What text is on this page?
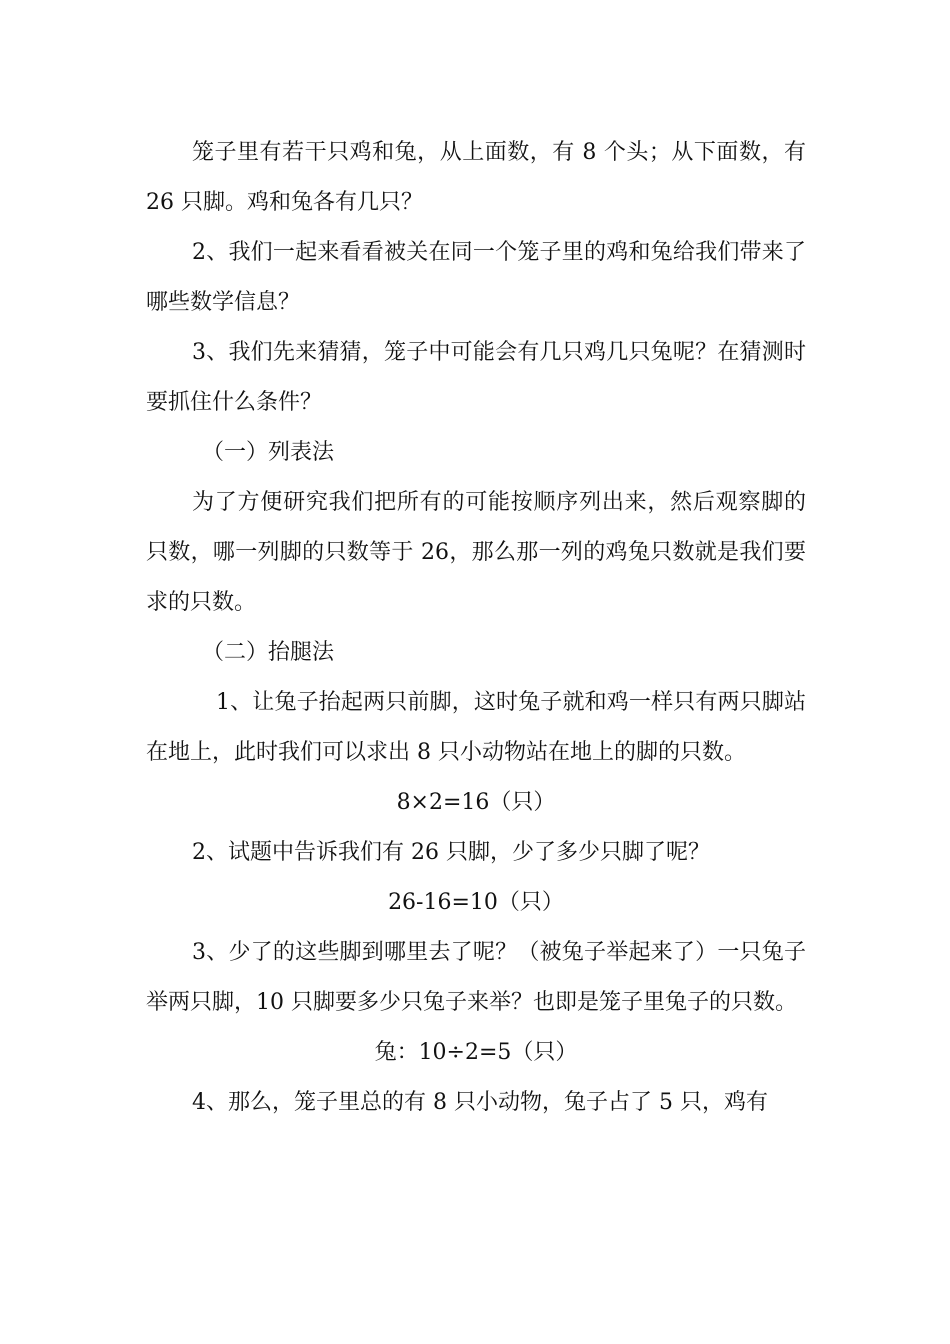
笼子里有若干只鸡和兔，从上面数，有 8 个头；从下面数，有 26 只脚。鸡和兔各有几只？

2、我们一起来看看被关在同一个笼子里的鸡和兔给我们带来了哪些数学信息？

3、我们先来猜猜，笼子中可能会有几只鸡几只兔呢？在猜测时要抓住什么条件？

（一）列表法

为了方便研究我们把所有的可能按顺序列出来，然后观察脚的只数，哪一列脚的只数等于 26，那么那一列的鸡兔只数就是我们要求的只数。

（二）抬腿法

1、让兔子抬起两只前脚，这时兔子就和鸡一样只有两只脚站在地上，此时我们可以求出 8 只小动物站在地上的脚的只数。

8×2=16（只）

2、试题中告诉我们有 26 只脚，少了多少只脚了呢？

26-16=10（只）

3、少了的这些脚到哪里去了呢？（被兔子举起来了）一只兔子举两只脚，10 只脚要多少只兔子来举？也即是笼子里兔子的只数。

兔：10÷2=5（只）

4、那么，笼子里总的有 8 只小动物，兔子占了 5 只，鸡有
